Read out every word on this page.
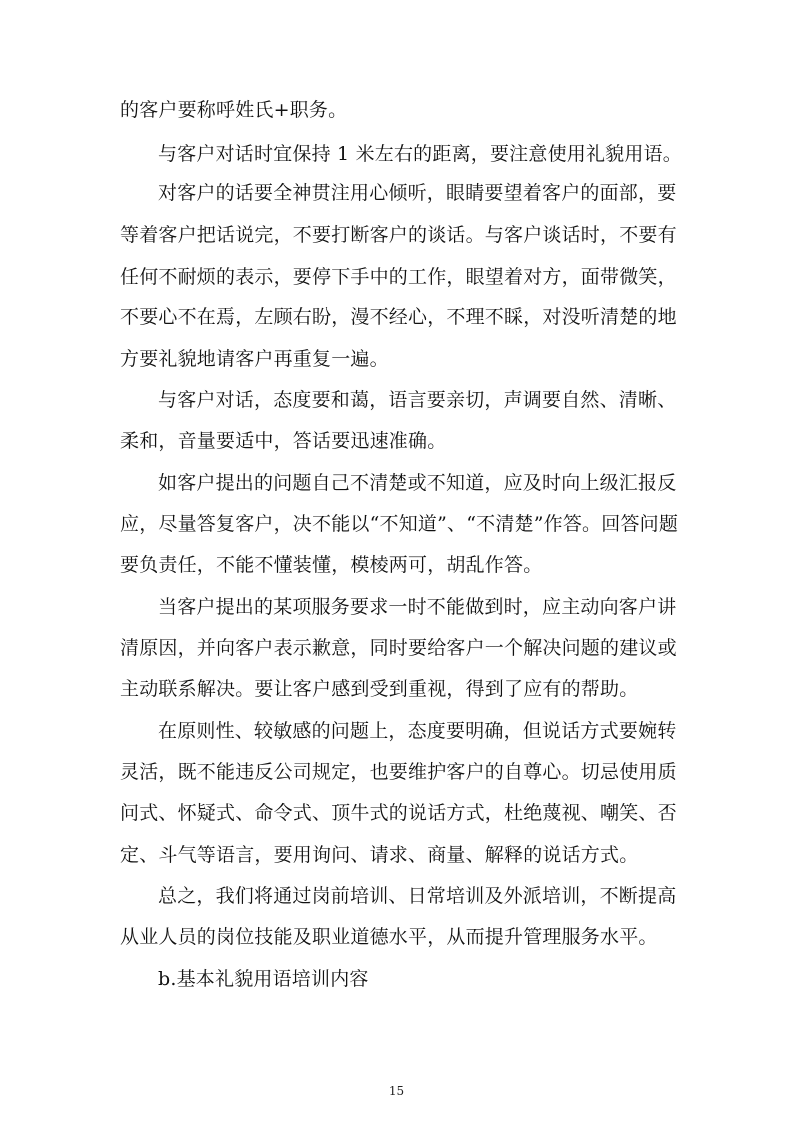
的客户要称呼姓氏+职务。
与客户对话时宜保持 1 米左右的距离，要注意使用礼貌用语。
对客户的话要全神贯注用心倾听，眼睛要望着客户的面部，要
等着客户把话说完，不要打断客户的谈话。与客户谈话时，不要有
任何不耐烦的表示，要停下手中的工作，眼望着对方，面带微笑，
不要心不在焉，左顾右盼，漫不经心，不理不睬，对没听清楚的地
方要礼貌地请客户再重复一遍。
与客户对话，态度要和蔼，语言要亲切，声调要自然、清晰、
柔和，音量要适中，答话要迅速准确。
如客户提出的问题自己不清楚或不知道，应及时向上级汇报反
应，尽量答复客户，决不能以“不知道”、“不清楚”作答。回答问题
要负责任，不能不懂装懂，模棱两可，胡乱作答。
当客户提出的某项服务要求一时不能做到时，应主动向客户讲
清原因，并向客户表示歉意，同时要给客户一个解决问题的建议或
主动联系解决。要让客户感到受到重视，得到了应有的帮助。
在原则性、较敏感的问题上，态度要明确，但说话方式要婉转
灵活，既不能违反公司规定，也要维护客户的自尊心。切忌使用质
问式、怀疑式、命令式、顶牛式的说话方式，杜绝蔑视、嘲笑、否
定、斗气等语言，要用询问、请求、商量、解释的说话方式。
总之，我们将通过岗前培训、日常培训及外派培训，不断提高
从业人员的岗位技能及职业道德水平，从而提升管理服务水平。
b.基本礼貌用语培训内容
15
